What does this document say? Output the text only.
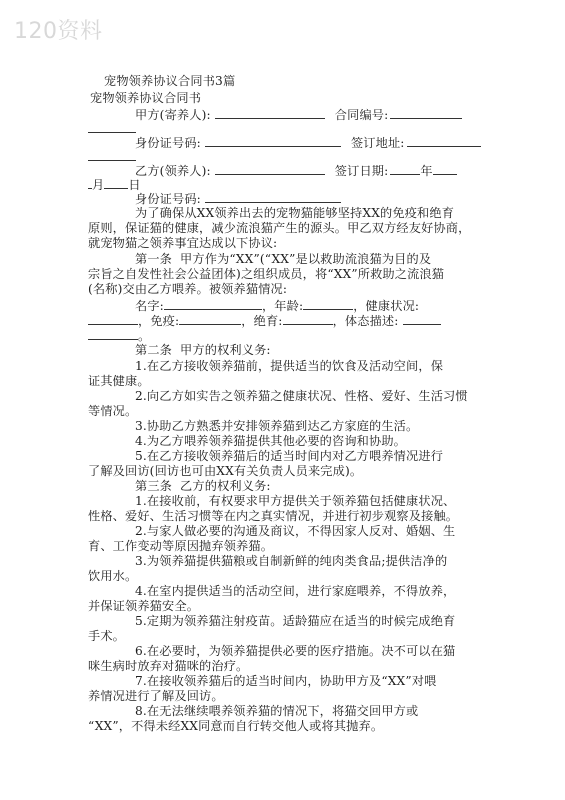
120资料
宠物领养协议合同书3篇
宠物领养协议合同书
甲方(寄养人):	合同编号:
身份证号码:	签订地址:
乙方(领养人):	签订日期:	年
月 日
身份证号码:
为了确保从XX领养出去的宠物猫能够坚持XX的免疫和绝育
原则，保证猫的健康，减少流浪猫产生的源头。甲乙双方经友好协商，
就宠物猫之领养事宜达成以下协议:
第一条  甲方作为“XX”(“XX”是以救助流浪猫为目的及
宗旨之自发性社会公益团体)之组织成员，将“XX”所救助之流浪猫
(名称)交由乙方喂养。被领养猫情况:
名字:	，年龄:	，健康状况:
，免疫:	，绝育:	，体态描述:
。
第二条  甲方的权利义务:
1.在乙方接收领养猫前，提供适当的饮食及活动空间，保
证其健康。
2.向乙方如实告之领养猫之健康状况、性格、爱好、生活习惯
等情况。
3.协助乙方熟悉并安排领养猫到达乙方家庭的生活。
4.为乙方喂养领养猫提供其他必要的咨询和协助。
5.在乙方接收领养猫后的适当时间内对乙方喂养情况进行
了解及回访(回访也可由XX有关负责人员来完成)。
第三条  乙方的权利义务:
1.在接收前，有权要求甲方提供关于领养猫包括健康状况、
性格、爱好、生活习惯等在内之真实情况，并进行初步观察及接触。
2.与家人做必要的沟通及商议，不得因家人反对、婚姻、生
育、工作变动等原因抛弃领养猫。
3.为领养猫提供猫粮或自制新鲜的纯肉类食品;提供洁净的
饮用水。
4.在室内提供适当的活动空间，进行家庭喂养，不得放养，
并保证领养猫安全。
5.定期为领养猫注射疫苗。适龄猫应在适当的时候完成绝育
手术。
6.在必要时，为领养猫提供必要的医疗措施。决不可以在猫
咪生病时放弃对猫咪的治疗。
7.在接收领养猫后的适当时间内，协助甲方及“XX”对喂
养情况进行了解及回访。
8.在无法继续喂养领养猫的情况下，将猫交回甲方或
“XX”，不得未经XX同意而自行转交他人或将其抛弃。
